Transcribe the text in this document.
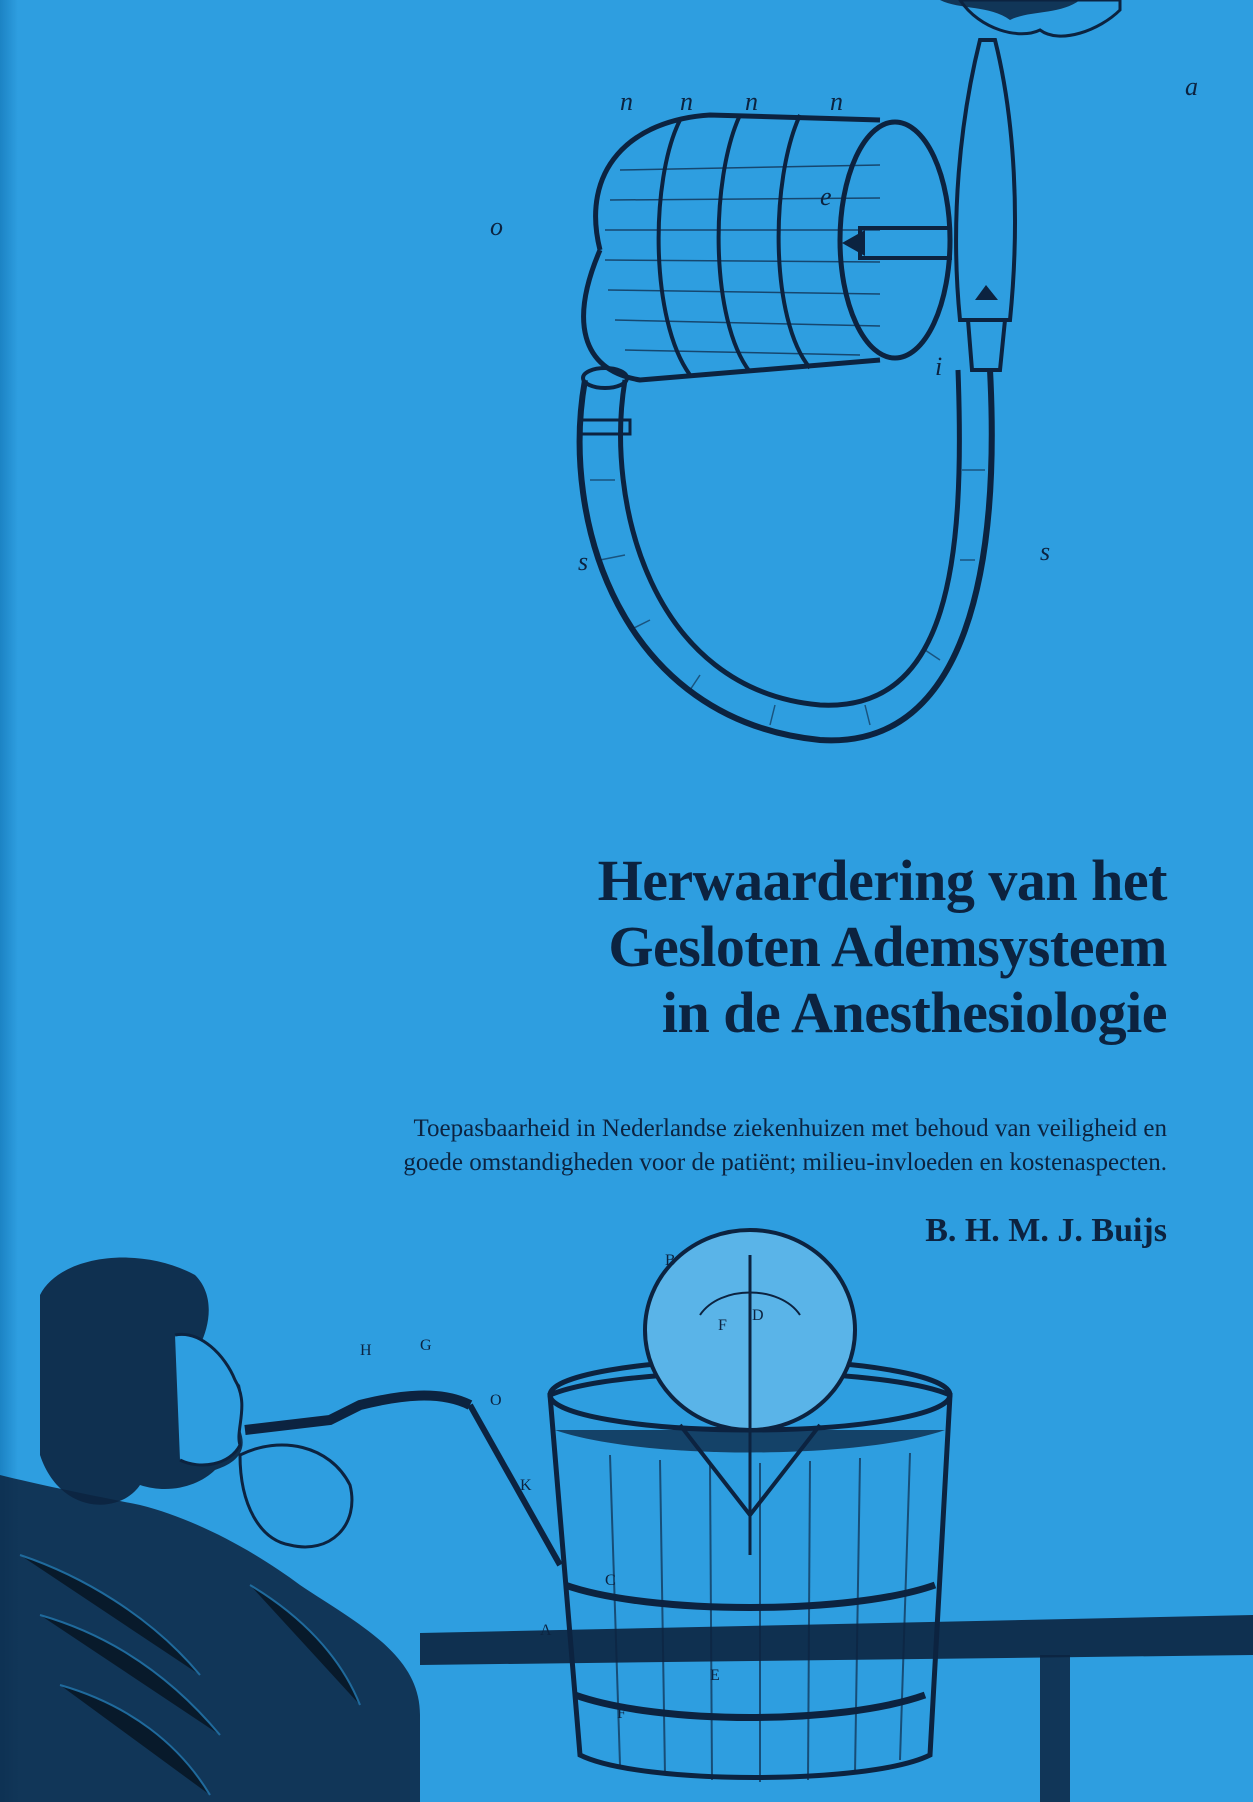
n n n	n
o
e
a
i
s	s
Herwaardering van het
Gesloten Ademsysteem
in de Anesthesiologie
Toepasbaarheid in Nederlandse ziekenhuizen met behoud van veiligheid en
goede omstandigheden voor de patiënt; milieu-invloeden en kostenaspecten.
B. H. M. J. Buijs
H	G
O
K
B
F
D
C
A
E
F
